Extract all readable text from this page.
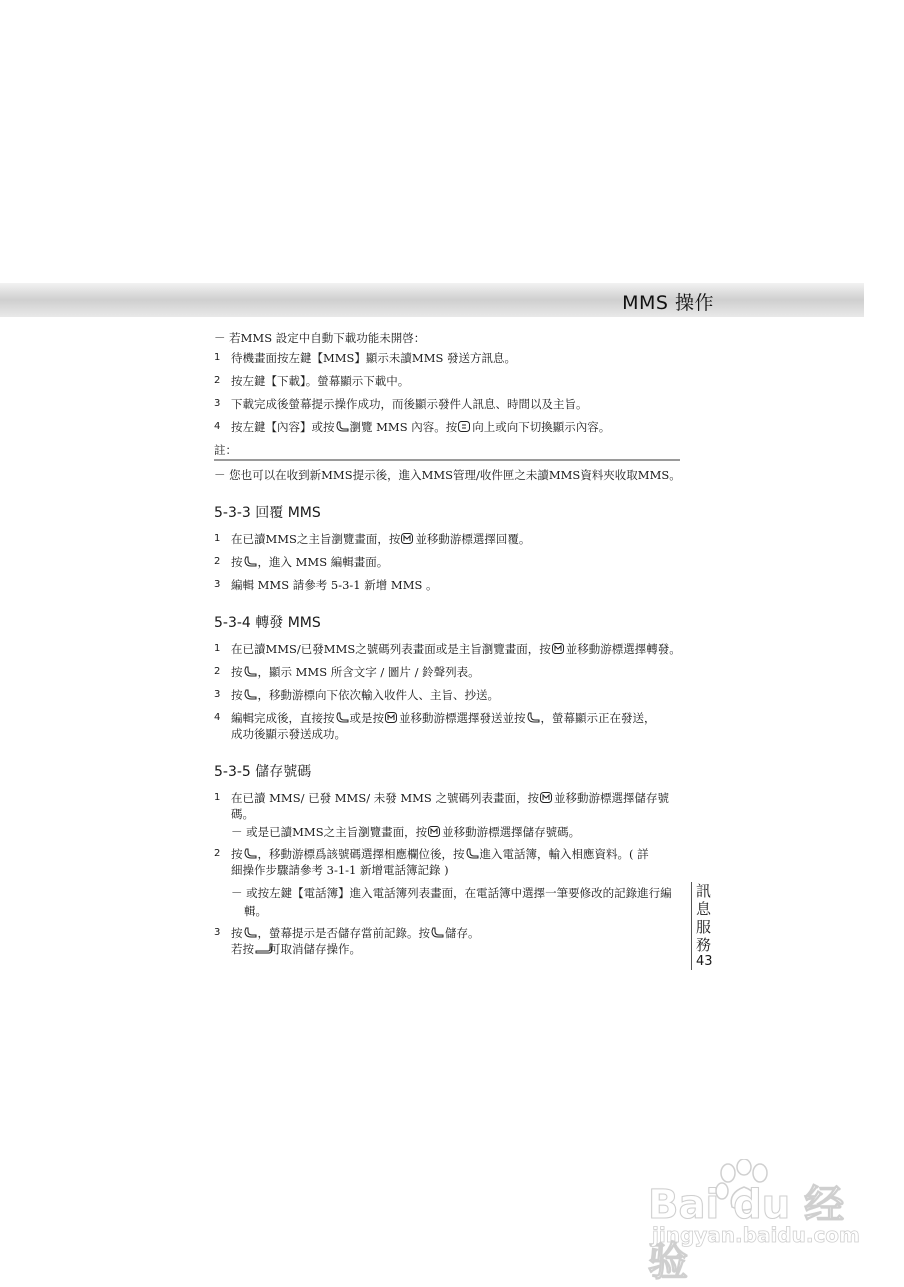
MMS 操作
－ 若MMS 設定中自動下載功能未開啓：
1 待機畫面按左鍵【MMS】顯示未讀MMS 發送方訊息。
2 按左鍵【下載】。螢幕顯示下載中。
3 下載完成後螢幕提示操作成功，而後顯示發件人訊息、時間以及主旨。
4 按左鍵【內容】或按 瀏覽 MMS 內容。按 向上或向下切換顯示內容。
註：
－ 您也可以在收到新MMS提示後，進入MMS管理/收件匣之未讀MMS資料夾收取MMS。
5-3-3 回覆 MMS
1 在已讀MMS之主旨瀏覽畫面，按 並移動游標選擇回覆。
2 按 ，進入 MMS 編輯畫面。
3 編輯 MMS 請參考 5-3-1 新增 MMS 。
5-3-4 轉發 MMS
1 在已讀MMS/已發MMS之號碼列表畫面或是主旨瀏覽畫面，按 並移動游標選擇轉發。
2 按 ，顯示 MMS 所含文字 / 圖片 / 鈴聲列表。
3 按 ，移動游標向下依次輸入收件人、主旨、抄送。
4 編輯完成後，直接按 或是按 並移動游標選擇發送並按 ，螢幕顯示正在發送，
成功後顯示發送成功。
5-3-5 儲存號碼
1 在已讀 MMS/ 已發 MMS/ 未發 MMS 之號碼列表畫面，按 並移動游標選擇儲存號碼。
－ 或是已讀MMS之主旨瀏覽畫面，按 並移動游標選擇儲存號碼。
2 按 ，移動游標爲該號碼選擇相應欄位後，按 進入電話簿，輸入相應資料。( 詳
細操作步驟請參考 3-1-1 新增電話簿記錄 )
－ 或按左鍵【電話簿】進入電話簿列表畫面，在電話簿中選擇一筆要修改的記錄進行編
輯。
3 按 ，螢幕提示是否儲存當前記錄。按 儲存。
若按 可取消儲存操作。
訊
息
服
務
43
Bai du 经验
jingyan.baidu.com
